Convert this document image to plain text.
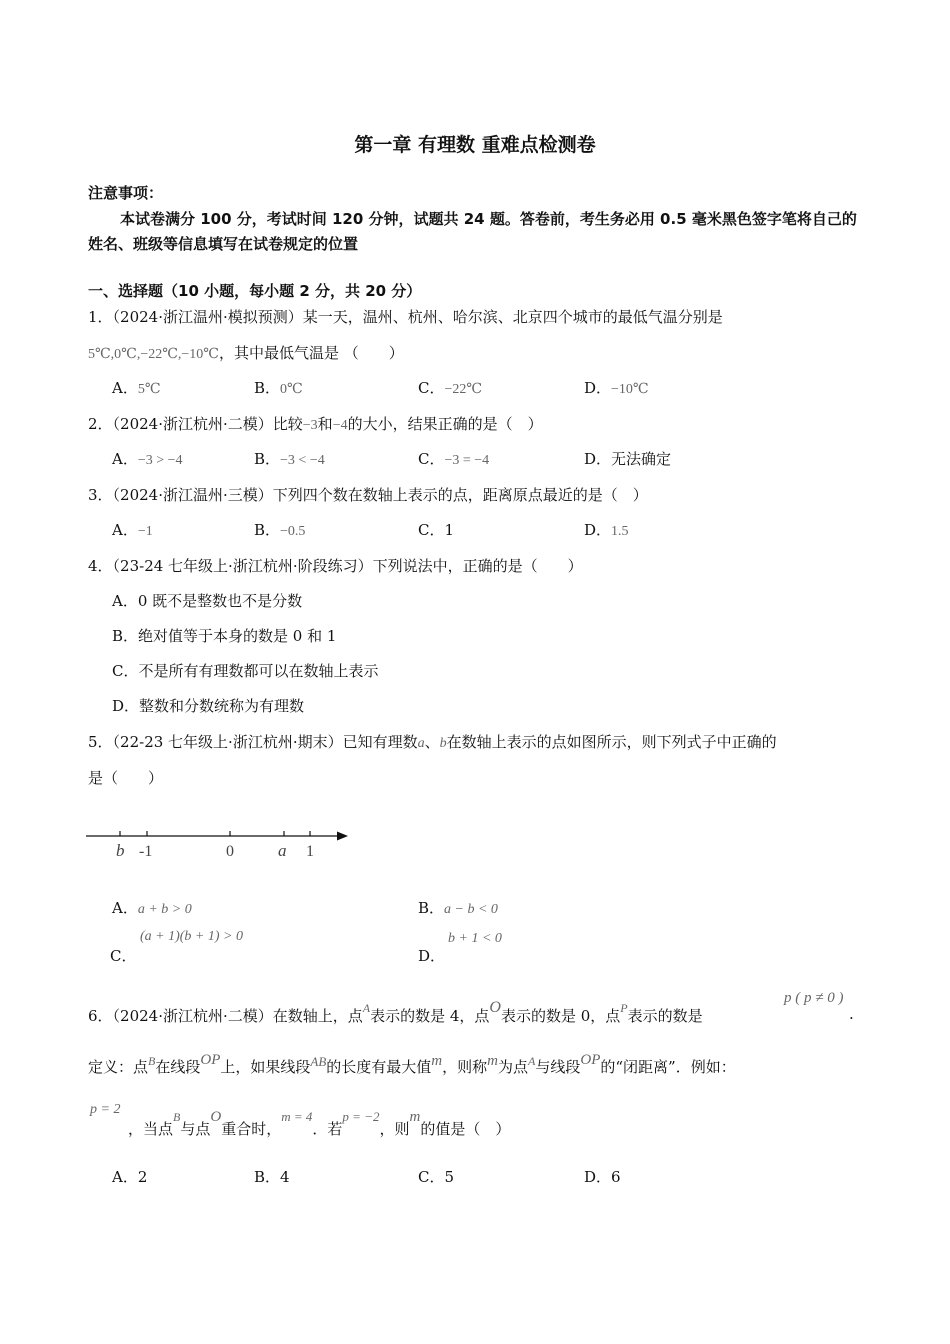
第一章 有理数 重难点检测卷
注意事项：
本试卷满分 100 分，考试时间 120 分钟，试题共 24 题。答卷前，考生务必用 0.5 毫米黑色签字笔将自己的姓名、班级等信息填写在试卷规定的位置
一、选择题（10 小题，每小题 2 分，共 20 分）
1．（2024·浙江温州·模拟预测）某一天，温州、杭州、哈尔滨、北京四个城市的最低气温分别是
5℃,0℃,−22℃,−10℃，其中最低气温是 （　　）
A．5℃	B．0℃	C．−22℃	D．−10℃
2．（2024·浙江杭州·二模）比较−3和−4的大小，结果正确的是（　）
A．−3 > −4	B．−3 < −4	C．−3 = −4	D．无法确定
3．（2024·浙江温州·三模）下列四个数在数轴上表示的点，距离原点最近的是（　）
A．−1	B．−0.5	C．1	D．1.5
4．（23-24 七年级上·浙江杭州·阶段练习）下列说法中，正确的是（　　）
A．0 既不是整数也不是分数
B．绝对值等于本身的数是 0 和 1
C．不是所有有理数都可以在数轴上表示
D．整数和分数统称为有理数
5．（22-23 七年级上·浙江杭州·期末）已知有理数a、b在数轴上表示的点如图所示，则下列式子中正确的
是（　　）
b -1	0	a 1
A．a + b > 0	B．a − b < 0
C．
(a + 1)(b + 1) > 0
D．
b + 1 < 0
6．（2024·浙江杭州·二模）在数轴上，点$^A$表示的数是 4，点O表示的数是 0，点$^P$表示的数是
p ( p ≠ 0 )
.
定义：点$^B$在线段OP上，如果线段AB的长度有最大值m，则称m为点$^A$与线段OP的“闭距离”．例如：
p = 2
，当点$^B$与点O重合时，m = 4．若p = −2，则m的值是（　）
A．2	B．4	C．5	D．6
